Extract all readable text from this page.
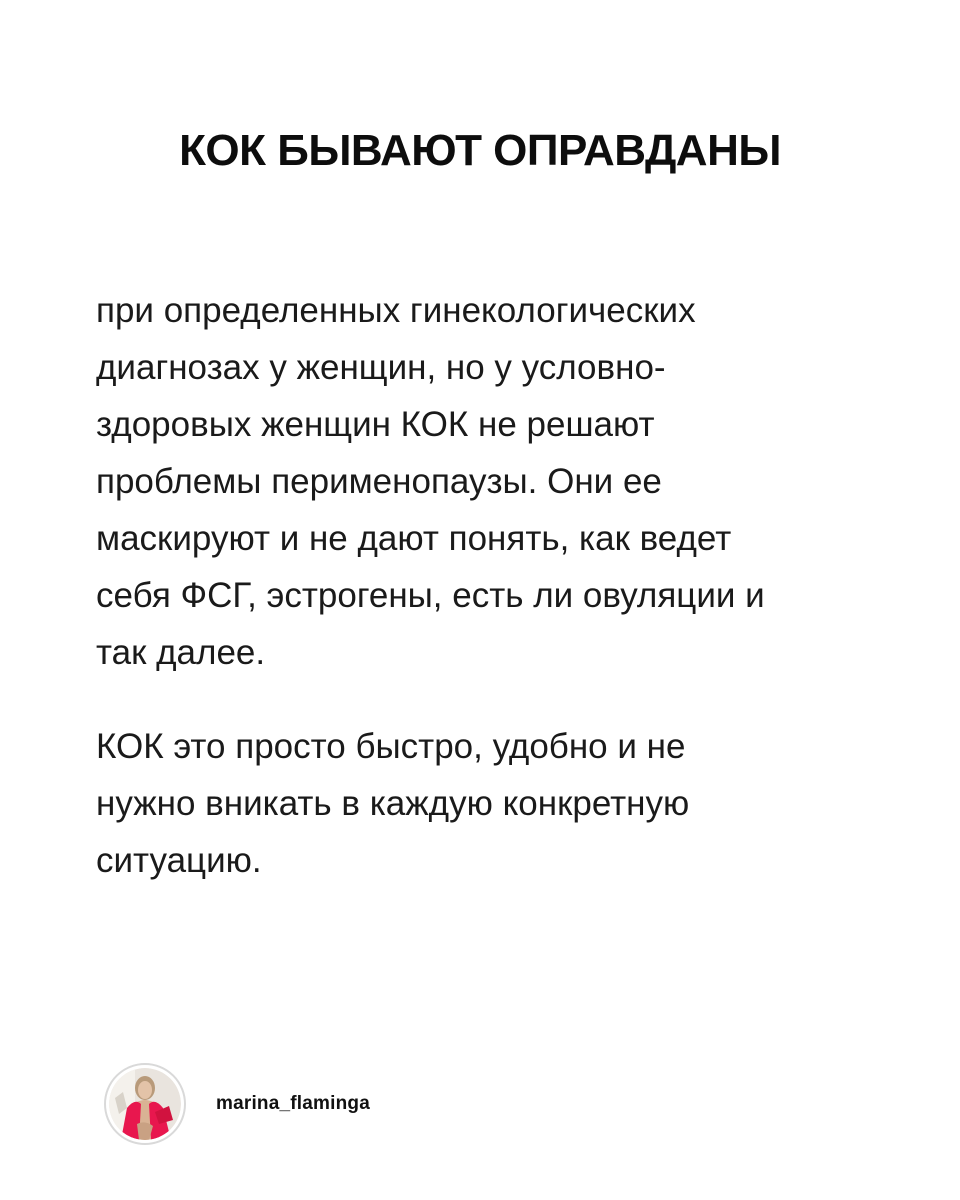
КОК БЫВАЮТ ОПРАВДАНЫ

при определенных гинекологических
диагнозах у женщин, но у условно-
здоровых женщин КОК не решают
проблемы перименопаузы. Они ее
маскируют и не дают понять, как ведет
себя ФСГ, эстрогены, есть ли овуляции и
так далее.

КОК это просто быстро, удобно и не
нужно вникать в каждую конкретную
ситуацию.

marina_flaminga
